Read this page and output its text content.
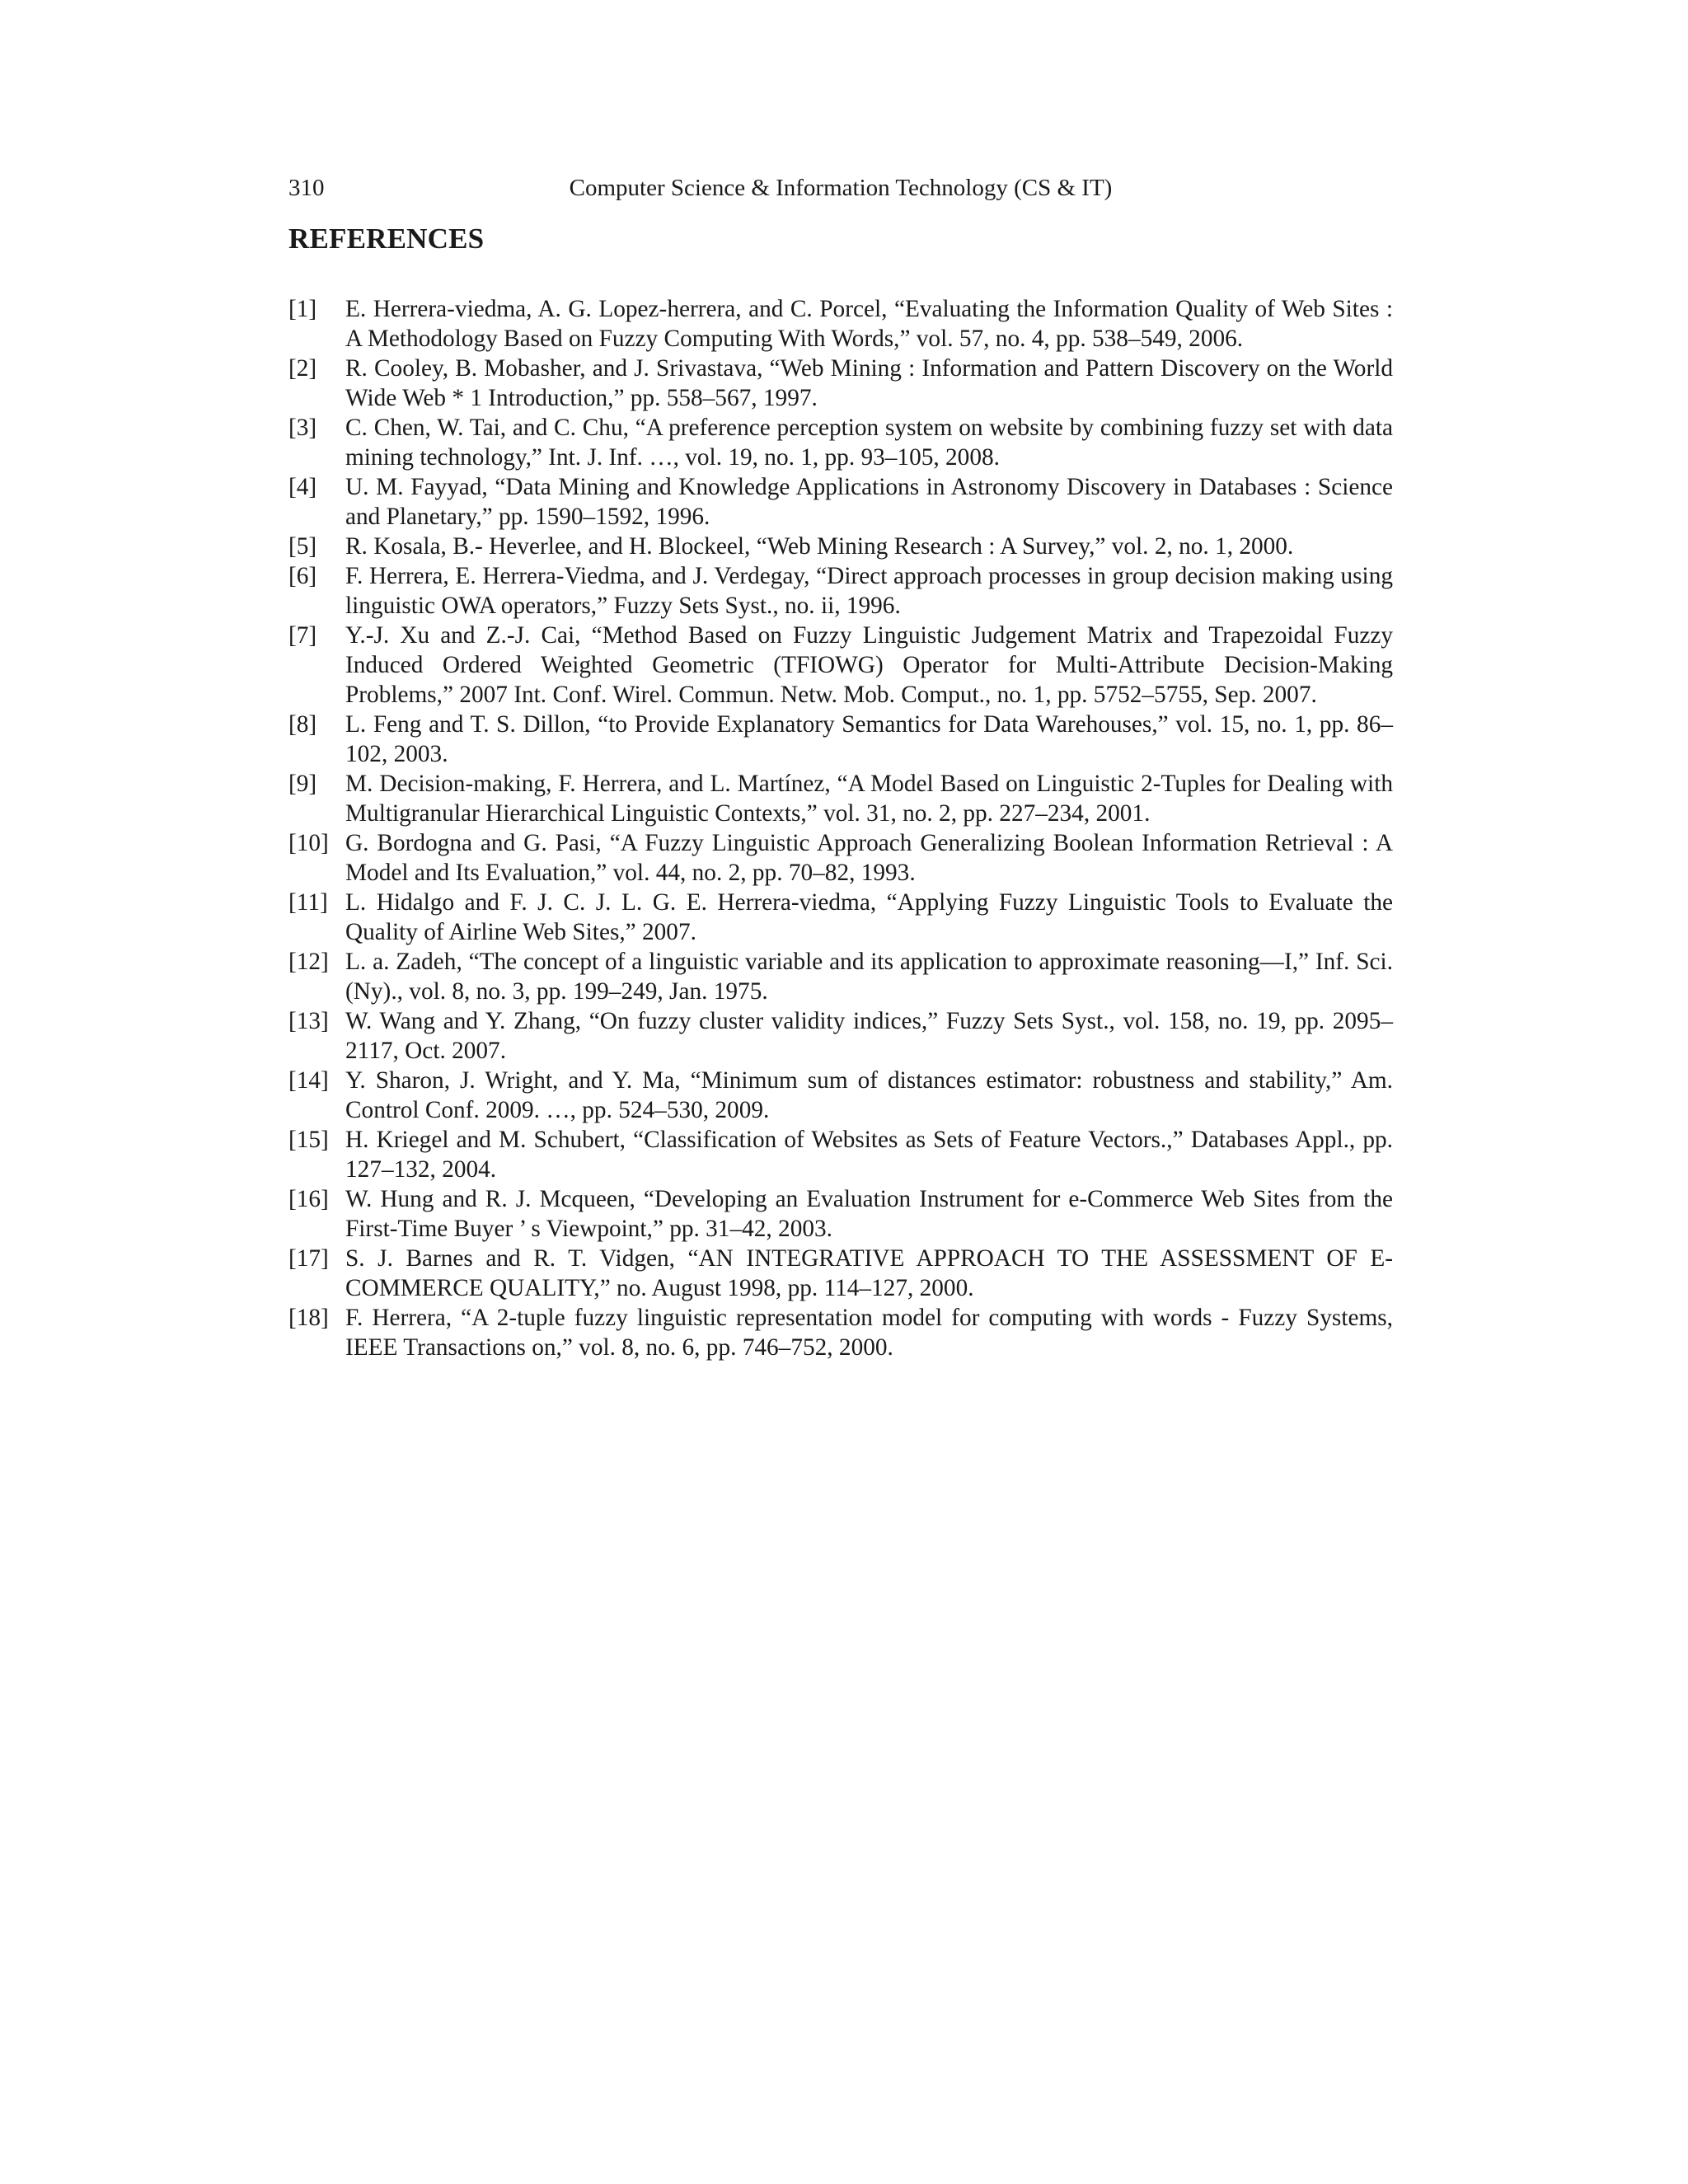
310	Computer Science & Information Technology (CS & IT)
REFERENCES
[1] E. Herrera-viedma, A. G. Lopez-herrera, and C. Porcel, “Evaluating the Information Quality of Web Sites : A Methodology Based on Fuzzy Computing With Words,” vol. 57, no. 4, pp. 538–549, 2006.
[2] R. Cooley, B. Mobasher, and J. Srivastava, “Web Mining : Information and Pattern Discovery on the World Wide Web * 1 Introduction,” pp. 558–567, 1997.
[3] C. Chen, W. Tai, and C. Chu, “A preference perception system on website by combining fuzzy set with data mining technology,” Int. J. Inf. …, vol. 19, no. 1, pp. 93–105, 2008.
[4] U. M. Fayyad, “Data Mining and Knowledge Applications in Astronomy Discovery in Databases : Science and Planetary,” pp. 1590–1592, 1996.
[5] R. Kosala, B.- Heverlee, and H. Blockeel, “Web Mining Research : A Survey,” vol. 2, no. 1, 2000.
[6] F. Herrera, E. Herrera-Viedma, and J. Verdegay, “Direct approach processes in group decision making using linguistic OWA operators,” Fuzzy Sets Syst., no. ii, 1996.
[7] Y.-J. Xu and Z.-J. Cai, “Method Based on Fuzzy Linguistic Judgement Matrix and Trapezoidal Fuzzy Induced Ordered Weighted Geometric (TFIOWG) Operator for Multi-Attribute Decision-Making Problems,” 2007 Int. Conf. Wirel. Commun. Netw. Mob. Comput., no. 1, pp. 5752–5755, Sep. 2007.
[8] L. Feng and T. S. Dillon, “to Provide Explanatory Semantics for Data Warehouses,” vol. 15, no. 1, pp. 86–102, 2003.
[9] M. Decision-making, F. Herrera, and L. Martínez, “A Model Based on Linguistic 2-Tuples for Dealing with Multigranular Hierarchical Linguistic Contexts,” vol. 31, no. 2, pp. 227–234, 2001.
[10] G. Bordogna and G. Pasi, “A Fuzzy Linguistic Approach Generalizing Boolean Information Retrieval : A Model and Its Evaluation,” vol. 44, no. 2, pp. 70–82, 1993.
[11] L. Hidalgo and F. J. C. J. L. G. E. Herrera-viedma, “Applying Fuzzy Linguistic Tools to Evaluate the Quality of Airline Web Sites,” 2007.
[12] L. a. Zadeh, “The concept of a linguistic variable and its application to approximate reasoning—I,” Inf. Sci. (Ny)., vol. 8, no. 3, pp. 199–249, Jan. 1975.
[13] W. Wang and Y. Zhang, “On fuzzy cluster validity indices,” Fuzzy Sets Syst., vol. 158, no. 19, pp. 2095–2117, Oct. 2007.
[14] Y. Sharon, J. Wright, and Y. Ma, “Minimum sum of distances estimator: robustness and stability,” Am. Control Conf. 2009. …, pp. 524–530, 2009.
[15] H. Kriegel and M. Schubert, “Classification of Websites as Sets of Feature Vectors.,” Databases Appl., pp. 127–132, 2004.
[16] W. Hung and R. J. Mcqueen, “Developing an Evaluation Instrument for e-Commerce Web Sites from the First-Time Buyer ’ s Viewpoint,” pp. 31–42, 2003.
[17] S. J. Barnes and R. T. Vidgen, “AN INTEGRATIVE APPROACH TO THE ASSESSMENT OF E-COMMERCE QUALITY,” no. August 1998, pp. 114–127, 2000.
[18] F. Herrera, “A 2-tuple fuzzy linguistic representation model for computing with words - Fuzzy Systems, IEEE Transactions on,” vol. 8, no. 6, pp. 746–752, 2000.
